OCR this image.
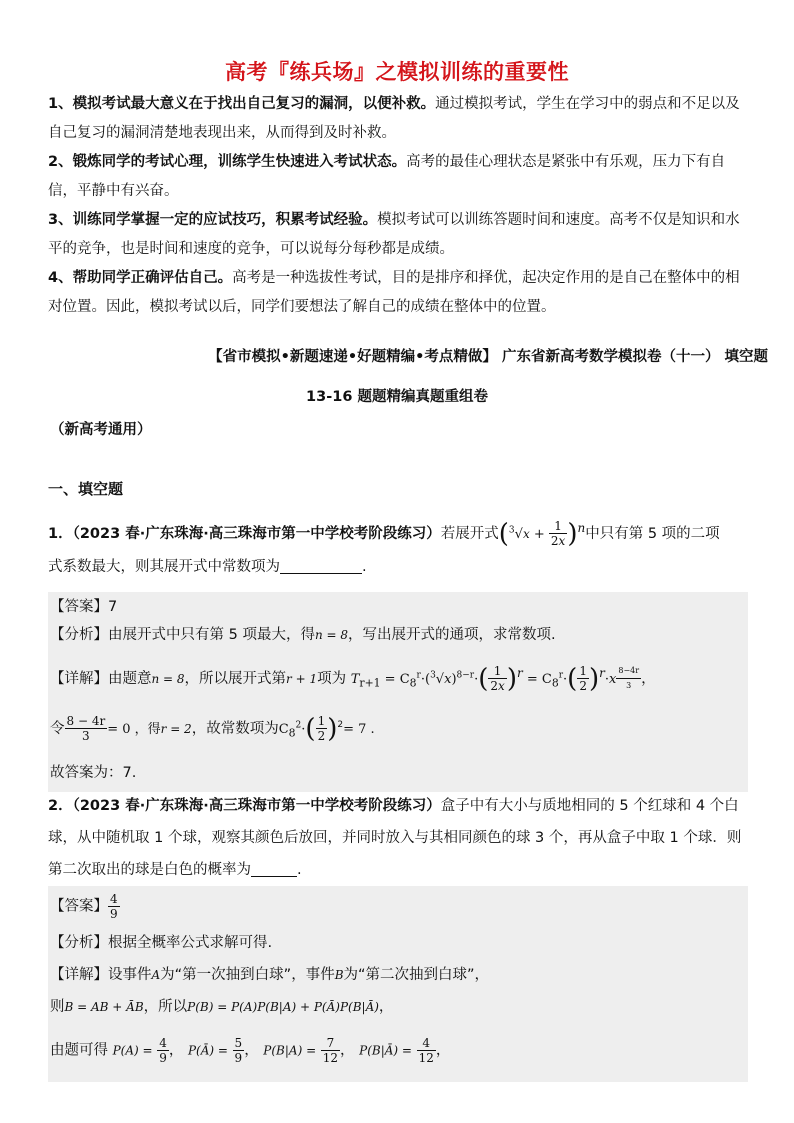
高考『练兵场』之模拟训练的重要性

1、模拟考试最大意义在于找出自己复习的漏洞，以便补救。通过模拟考试，学生在学习中的弱点和不足以及自己复习的漏洞清楚地表现出来，从而得到及时补救。

2、锻炼同学的考试心理，训练学生快速进入考试状态。高考的最佳心理状态是紧张中有乐观，压力下有自信，平静中有兴奋。

3、训练同学掌握一定的应试技巧，积累考试经验。模拟考试可以训练答题时间和速度。高考不仅是知识和水平的竞争，也是时间和速度的竞争，可以说每分每秒都是成绩。

4、帮助同学正确评估自己。高考是一种选拔性考试，目的是排序和择优，起决定作用的是自己在整体中的相对位置。因此，模拟考试以后，同学们要想法了解自己的成绩在整体中的位置。

【省市模拟•新题速递•好题精编•考点精做】 广东省新高考数学模拟卷（十一） 填空题
13-16 题题精编真题重组卷
（新高考通用）
一、填空题
1．（2023 春·广东珠海·高三珠海市第一中学校考阶段练习）若展开式$(^3√x + \frac{1}{2x} )^n$中只有第 5 项的二项
式系数最大，则其展开式中常数项为	.
【答案】7
【分析】由展开式中只有第 5 项最大，得n = 8，写出展开式的通项，求常数项.
【详解】由题意n = 8，所以展开式第r + 1项为 $T_{r+1} = C_8^r\cdot(^3√x)^{8-r}\cdot( \frac{1}{2x} )^r = C_8^r\cdot( \frac{1}{2} )^r\cdot x \frac{8-4r}{3}$ ，
令 $\frac{8 - 4r}{3} = 0$ ，得r = 2，故常数项为$C_8^2\cdot( \frac{1}{2} )^2= 7$ .
故答案为：7.
2．（2023 春·广东珠海·高三珠海市第一中学校考阶段练习）盒子中有大小与质地相同的 5 个红球和 4 个白球，从中随机取 1 个球，观察其颜色后放回，并同时放入与其相同颜色的球 3 个，再从盒子中取 1 个球．则第二次取出的球是白色的概率为	.
【答案】 $\frac{4}{9}$
【分析】根据全概率公式求解可得.
【详解】设事件A为“第一次抽到白球”，事件B为“第二次抽到白球”，
则B = AB + ĀB，所以P(B) = P(A)P(B|A) + P(Ā)P(B|Ā)，
由题可得 $P(A) = \frac{4}{9}$ ， P(Ā) = $\frac{5}{9}$ ， $P(B|A) = \frac{7}{12}$ ， P(B|Ā) = $\frac{4}{12}$ ，
